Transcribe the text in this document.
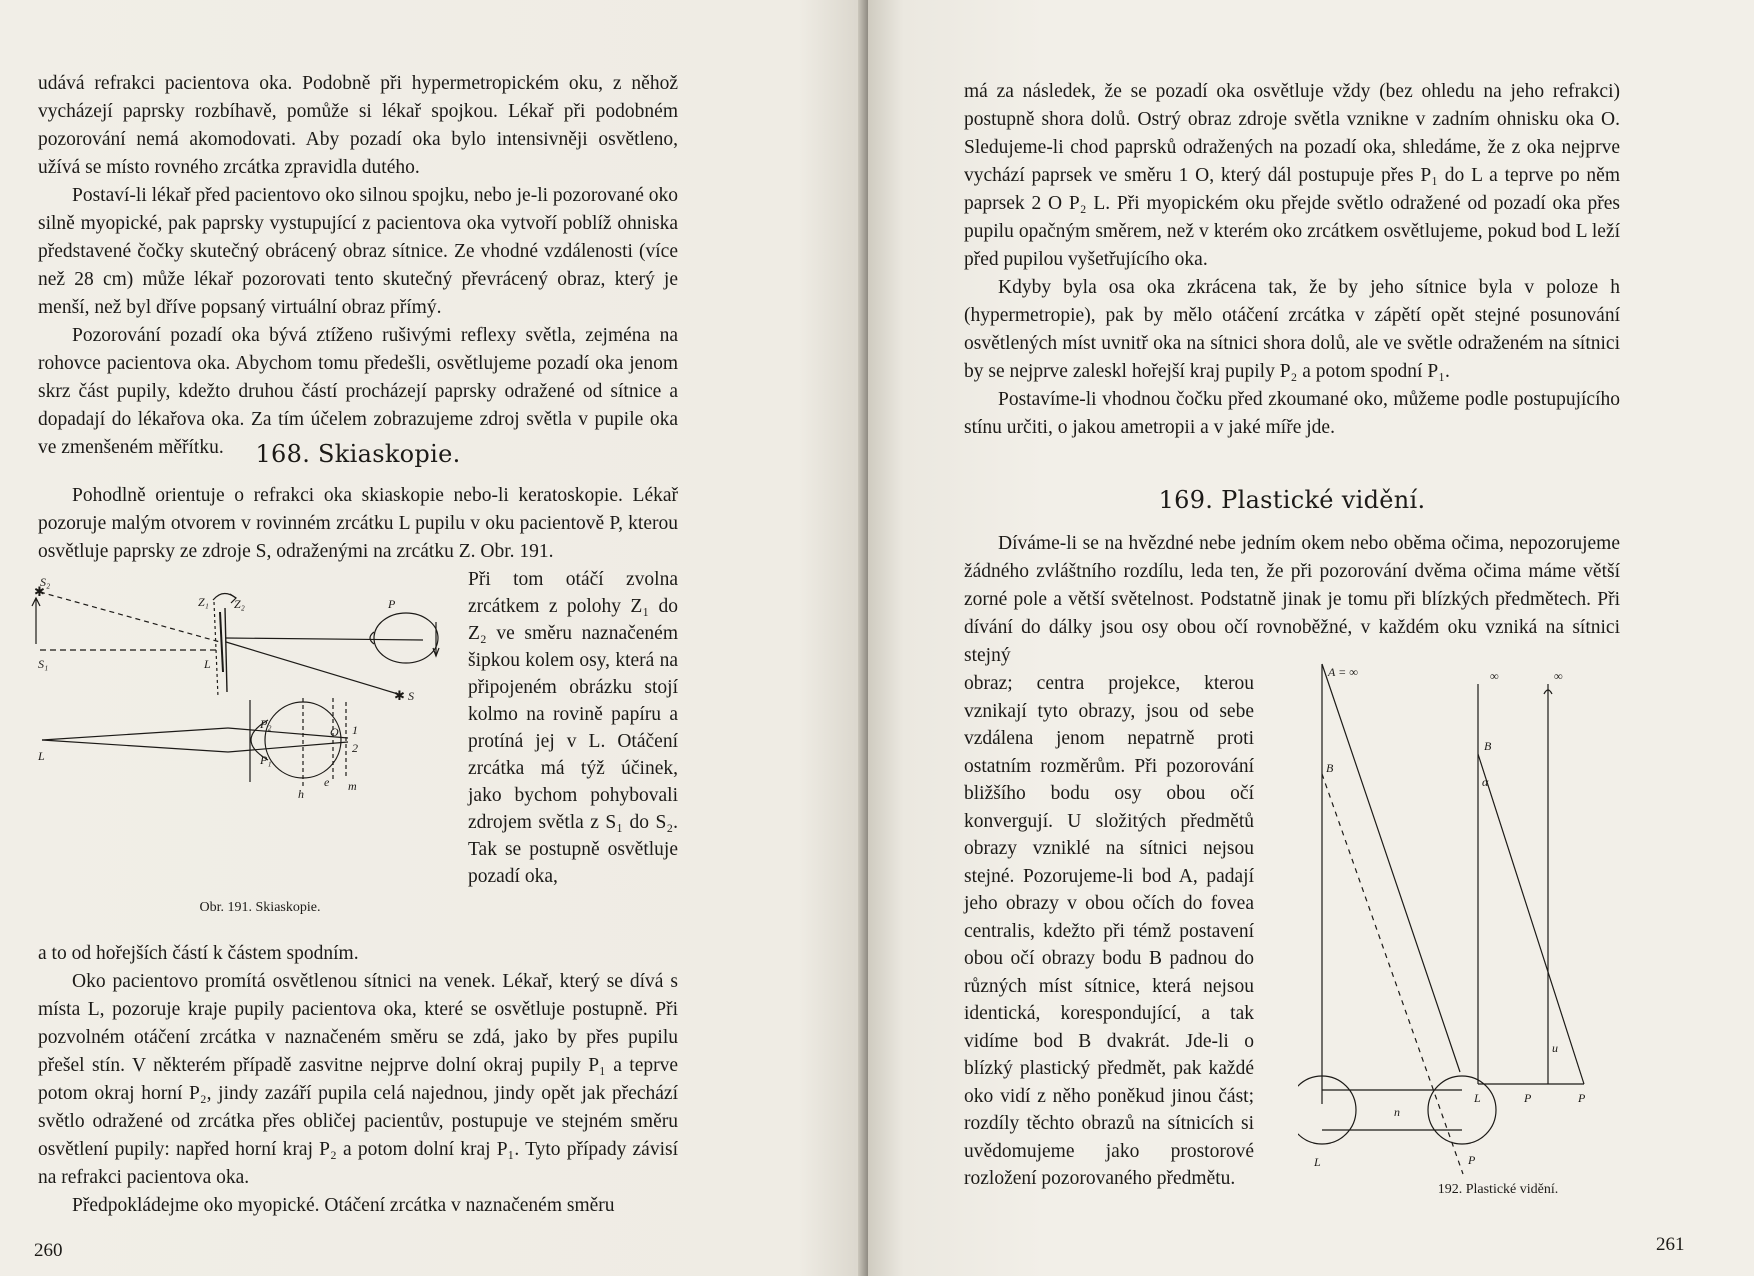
udává refrakci pacientova oka. Podobně při hypermetropickém oku, z něhož vycházejí paprsky rozbíhavě, pomůže si lékař spojkou. Lékař při podobném pozorování nemá akomodovati. Aby pozadí oka bylo intensivněji osvětleno, užívá se místo rovného zrcátka zpravidla dutého.

Postaví-li lékař před pacientovo oko silnou spojku, nebo je-li pozorované oko silně myopické, pak paprsky vystupující z pacientova oka vytvoří poblíž ohniska představené čočky skutečný obrácený obraz sítnice. Ze vhodné vzdálenosti (více než 28 cm) může lékař pozorovati tento skutečný převrácený obraz, který je menší, než byl dříve popsaný virtuální obraz přímý.

Pozorování pozadí oka bývá ztíženo rušivými reflexy světla, zejména na rohovce pacientova oka. Abychom tomu předešli, osvětlujeme pozadí oka jenom skrz část pupily, kdežto druhou částí procházejí paprsky odražené od sítnice a dopadají do lékařova oka. Za tím účelem zobrazujeme zdroj světla v pupile oka ve zmenšeném měřítku.	168. Skiaskopie.

Pohodlně orientuje o refrakci oka skiaskopie nebo-li keratoskopie. Lékař pozoruje malým otvorem v rovinném zrcátku L pupilu v oku pacientově P, kterou osvětluje paprsky ze zdroje S, odraženými na zrcátku Z. Obr. 191.

Při tom otáčí zvolna zrcátkem z polohy Z₁ do Z₂ ve směru naznačeném šipkou kolem osy, která na připojeném obrázku stojí kolmo na rovině papíru a protíná jej v L. Otáčení zrcátka má týž účinek, jako bychom pohybovali zdrojem světla z S₁ do S₂. Tak se postupně osvětluje pozadí oka,

S₂
S₁
Z₁ Z₂
L
P
S
L
P₂
P₁
O 1
2
h
e m
✱
✱
Obr. 191. Skiaskopie.

a to od hořejších částí k částem spodním.

Oko pacientovo promítá osvětlenou sítnici na venek. Lékař, který se dívá s místa L, pozoruje kraje pupily pacientova oka, které se osvětluje postupně. Při pozvolném otáčení zrcátka v naznačeném směru se zdá, jako by přes pupilu přešel stín. V některém případě zasvitne nejprve dolní okraj pupily P₁ a teprve potom okraj horní P₂, jindy zazáří pupila celá najednou, jindy opět jak přechází světlo odražené od zrcátka přes obličej pacientův, postupuje ve stejném směru osvětlení pupily: napřed horní kraj P₂ a potom dolní kraj P₁. Tyto případy závisí na refrakci pacientova oka.

Předpokládejme oko myopické. Otáčení zrcátka v naznačeném směru

260

má za následek, že se pozadí oka osvětluje vždy (bez ohledu na jeho refrakci) postupně shora dolů. Ostrý obraz zdroje světla vznikne v zadním ohnisku oka O. Sledujeme-li chod paprsků odražených na pozadí oka, shledáme, že z oka nejprve vychází paprsek ve směru 1 O, který dál postupuje přes P₁ do L a teprve po něm paprsek 2 O P₂ L. Při myopickém oku přejde světlo odražené od pozadí oka přes pupilu opačným směrem, než v kterém oko zrcátkem osvětlujeme, pokud bod L leží před pupilou vyšetřujícího oka.

Kdyby byla osa oka zkrácena tak, že by jeho sítnice byla v poloze h (hypermetropie), pak by mělo otáčení zrcátka v zápětí opět stejné posunování osvětlených míst uvnitř oka na sítnici shora dolů, ale ve světle odraženém na sítnici by se nejprve zaleskl hořejší kraj pupily P₂ a potom spodní P₁.

Postavíme-li vhodnou čočku před zkoumané oko, můžeme podle postupujícího stínu určiti, o jakou ametropii a v jaké míře jde.

169. Plastické vidění.

Díváme-li se na hvězdné nebe jedním okem nebo oběma očima, nepozorujeme žádného zvláštního rozdílu, leda ten, že při pozorování dvěma očima máme větší zorné pole a větší světelnost. Podstatně jinak je tomu při blízkých předmětech. Při dívání do dálky jsou osy obou očí rovnoběžné, v každém oku vzniká na sítnici stejný

obraz; centra projekce, kterou vznikají tyto obrazy, jsou od sebe vzdálena jenom nepatrně proti ostatním rozměrům. Při pozorování bližšího bodu osy obou očí konvergují. U složitých předmětů obrazy vzniklé na sítnici nejsou stejné. Pozorujeme-li bod A, padají jeho obrazy v obou očích do fovea centralis, kdežto při témž postavení obou očí obrazy bodu B padnou do různých míst sítnice, která nejsou identická, korespondující, a tak vidíme bod B dvakrát. Jde-li o blízký plastický předmět, pak každé oko vidí z něho poněkud jinou část; rozdíly těchto obrazů na sítnicích si uvědomujeme jako prostorové rozložení pozorovaného předmětu.

A = ∞
B
n
L	P
∞	∞
B
α
u
L	P	P
192. Plastické vidění.
261
